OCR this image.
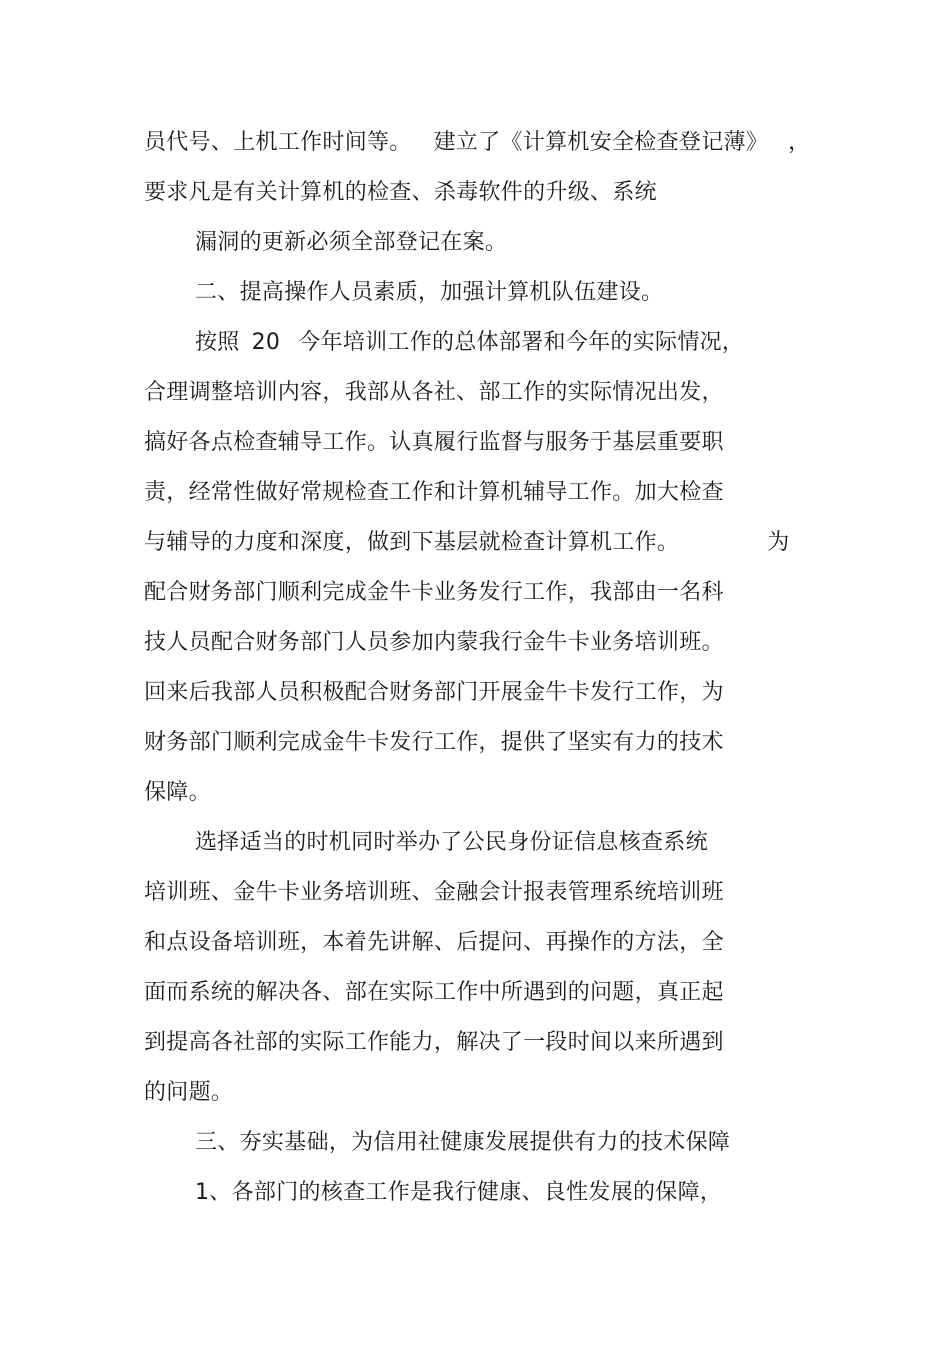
员代号、上机工作时间等。 建立了《计算机安全检查登记薄》 ，
要求凡是有关计算机的检查、杀毒软件的升级、系统
漏洞的更新必须全部登记在案。
二、提高操作人员素质，加强计算机队伍建设。
按照 20 今年培训工作的总体部署和今年的实际情况，
合理调整培训内容，我部从各社、部工作的实际情况出发，
搞好各点检查辅导工作。认真履行监督与服务于基层重要职
责，经常性做好常规检查工作和计算机辅导工作。加大检查
与辅导的力度和深度，做到下基层就检查计算机工作。	为
配合财务部门顺利完成金牛卡业务发行工作，我部由一名科
技人员配合财务部门人员参加内蒙我行金牛卡业务培训班。
回来后我部人员积极配合财务部门开展金牛卡发行工作，为
财务部门顺利完成金牛卡发行工作，提供了坚实有力的技术
保障。
选择适当的时机同时举办了公民身份证信息核查系统
培训班、金牛卡业务培训班、金融会计报表管理系统培训班
和点设备培训班，本着先讲解、后提问、再操作的方法，全
面而系统的解决各、部在实际工作中所遇到的问题，真正起
到提高各社部的实际工作能力，解决了一段时间以来所遇到
的问题。
三、夯实基础，为信用社健康发展提供有力的技术保障
1、各部门的核查工作是我行健康、良性发展的保障，
